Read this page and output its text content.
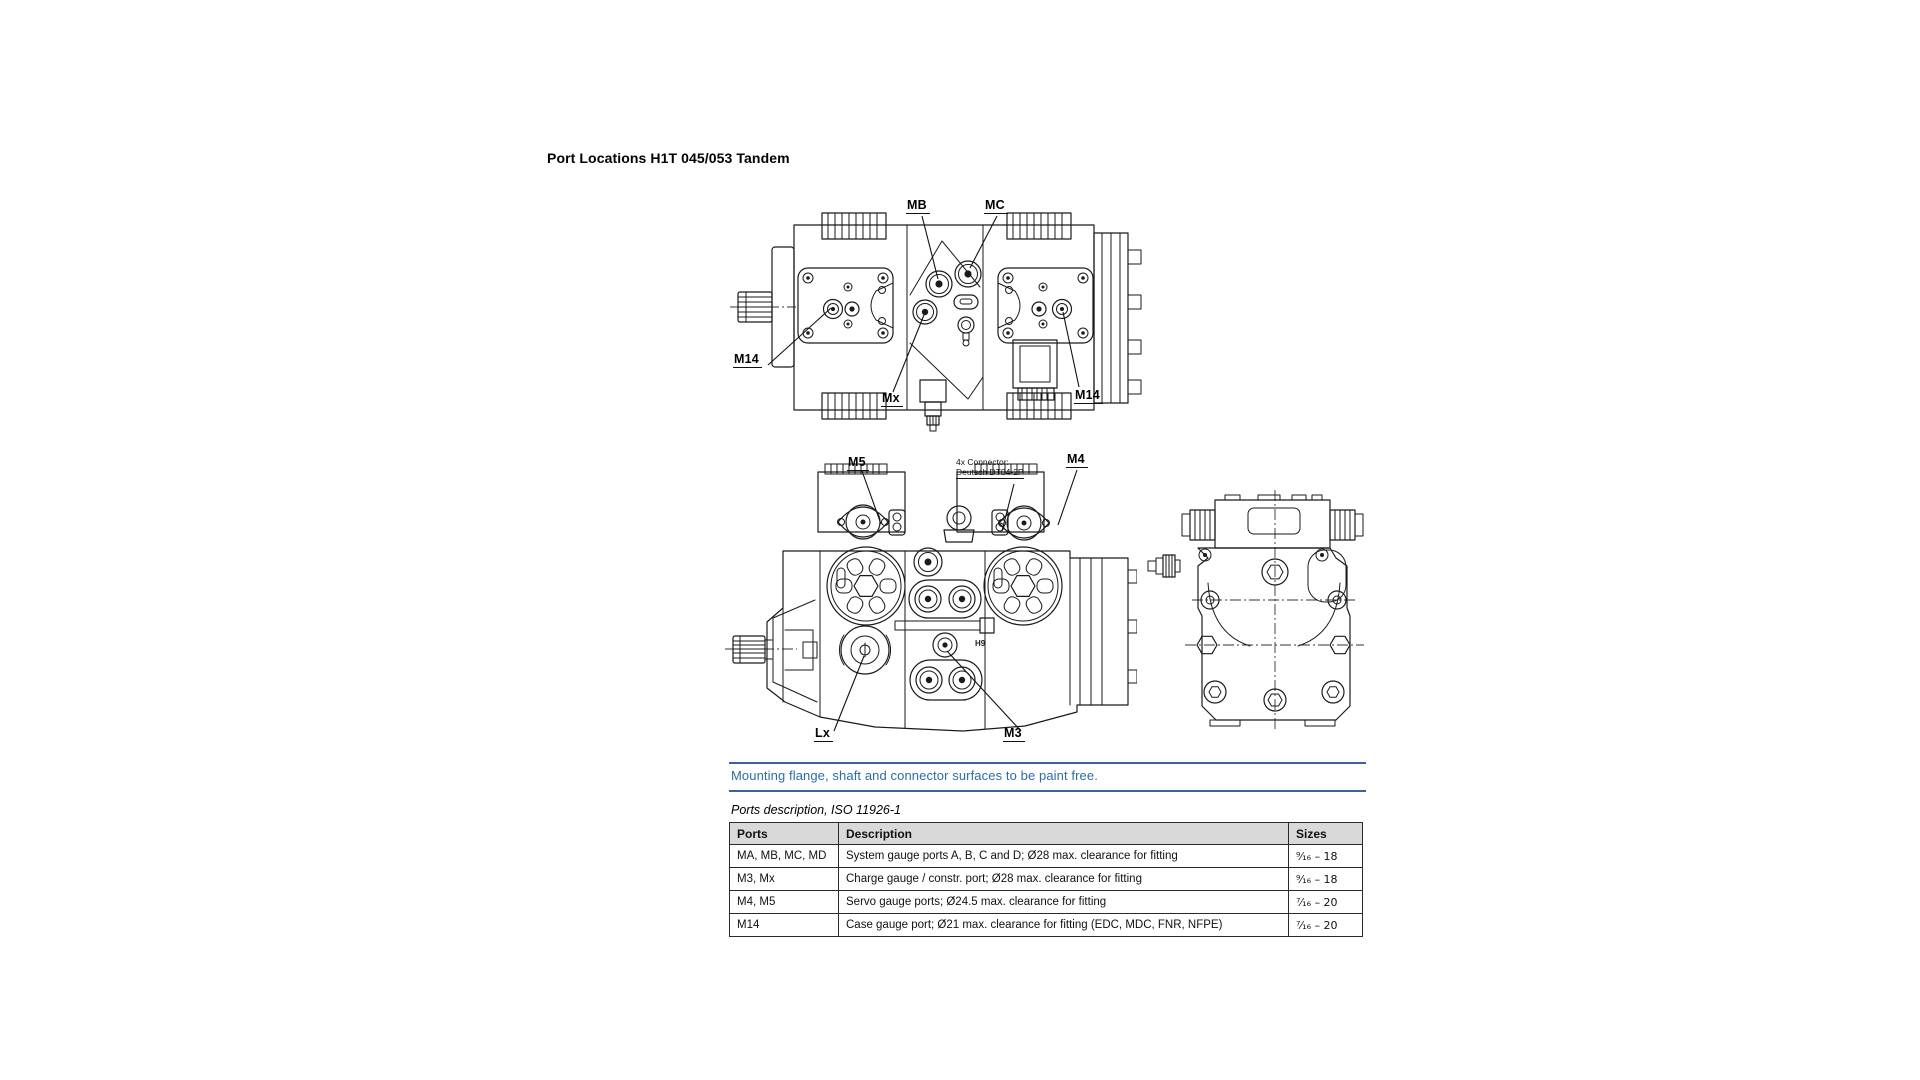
Port Locations H1T 045/053 Tandem
MB	MC
M14
Mx	M14
M5	M4
4x Connector:
Deutsch DT04-2P
Lx	M3
H9
Mounting flange, shaft and connector surfaces to be paint free.
Ports description, ISO 11926-1
Ports	Description	Sizes
MA, MB, MC, MD	System gauge ports A, B, C and D; Ø28 max. clearance for fitting	⁹⁄₁₆ – 18
M3, Mx	Charge gauge / constr. port; Ø28 max. clearance for fitting	⁹⁄₁₆ – 18
M4, M5	Servo gauge ports; Ø24.5 max. clearance for fitting	⁷⁄₁₆ – 20
M14	Case gauge port; Ø21 max. clearance for fitting (EDC, MDC, FNR, NFPE)	⁷⁄₁₆ – 20
